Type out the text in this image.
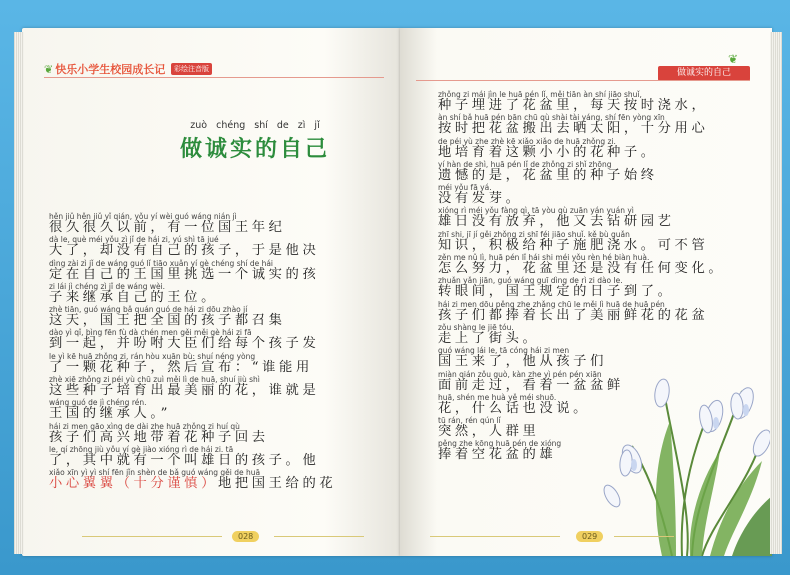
❦ 快乐小学生校园成长记	彩绘注音版
zuò chéng shí de zì jǐ
做诚实的自己
hěn jiǔ hěn jiǔ yǐ qián, yǒu yí wèi guó wáng nián jì
很久很久以前，有一位国王年纪
dà le, què méi yǒu zì jǐ de hái zi, yú shì tā jué
大了，却没有自己的孩子，于是他决
dìng zài zì jǐ de wáng guó lǐ tiāo xuǎn yí gè chéng shí de hái
定在自己的王国里挑选一个诚实的孩
zi lái jì chéng zì jǐ de wáng wèi.
子来继承自己的王位。
zhè tiān, guó wáng bǎ quán guó de hái zi dōu zhào jí
这天，国王把全国的孩子都召集
dào yì qǐ, bìng fēn fù dà chén men gěi měi gè hái zi fā
到一起，并吩咐大臣们给每个孩子发
le yì kē huā zhǒng zi, rán hòu xuān bù: shuí néng yòng
了一颗花种子，然后宣布：“谁能用
zhè xiē zhǒng zi péi yù chū zuì měi lì de huā, shuí jiù shì
这些种子培育出最美丽的花，谁就是
wáng guó de jì chéng rén.
王国的继承人。”
hái zi men gāo xìng de dài zhe huā zhǒng zi huí qù
孩子们高兴地带着花种子回去
le, qí zhōng jiù yǒu yí gè jiào xióng rì de hái zi. tā
了，其中就有一个叫雄日的孩子。他
xiǎo xīn yì yì shí fēn jǐn shèn de bǎ guó wáng gěi de huā
小心翼翼（十分谨慎）地把国王给的花
028
❦
做诚实的自己
zhǒng zi mái jìn le huā pén lǐ, měi tiān àn shí jiāo shuǐ,
种子埋进了花盆里，每天按时浇水，
àn shí bǎ huā pén bān chū qù shài tài yáng, shí fēn yòng xīn
按时把花盆搬出去晒太阳，十分用心
de péi yù zhe zhè kē xiǎo xiǎo de huā zhǒng zi.
地培育着这颗小小的花种子。
yí hàn de shì, huā pén lǐ de zhǒng zi shǐ zhōng
遗憾的是，花盆里的种子始终
méi yǒu fā yá.
没有发芽。
xióng rì méi yǒu fàng qì, tā yòu qù zuān yán yuán yì
雄日没有放弃，他又去钻研园艺
zhī shi, jī jí gěi zhǒng zi shī féi jiāo shuǐ. kě bù guǎn
知识，积极给种子施肥浇水。可不管
zěn me nǔ lì, huā pén lǐ hái shi méi yǒu rèn hé biàn huà.
怎么努力，花盆里还是没有任何变化。
zhuǎn yǎn jiān, guó wáng guī dìng de rì zi dào le.
转眼间，国王规定的日子到了。
hái zi men dōu pěng zhe zhǎng chū le měi lì huā de huā pén
孩子们都捧着长出了美丽鲜花的花盆
zǒu shàng le jiē tóu.
走上了街头。
guó wáng lái le, tā cóng hái zi men
国王来了，他从孩子们
miàn qián zǒu guò, kàn zhe yì pén pén xiān
面前走过，看着一盆盆鲜
huā, shén me huà yě méi shuō.
花，什么话也没说。
tū rán, rén qún lǐ
突然，人群里
pěng zhe kōng huā pén de xióng
捧着空花盆的雄
029
